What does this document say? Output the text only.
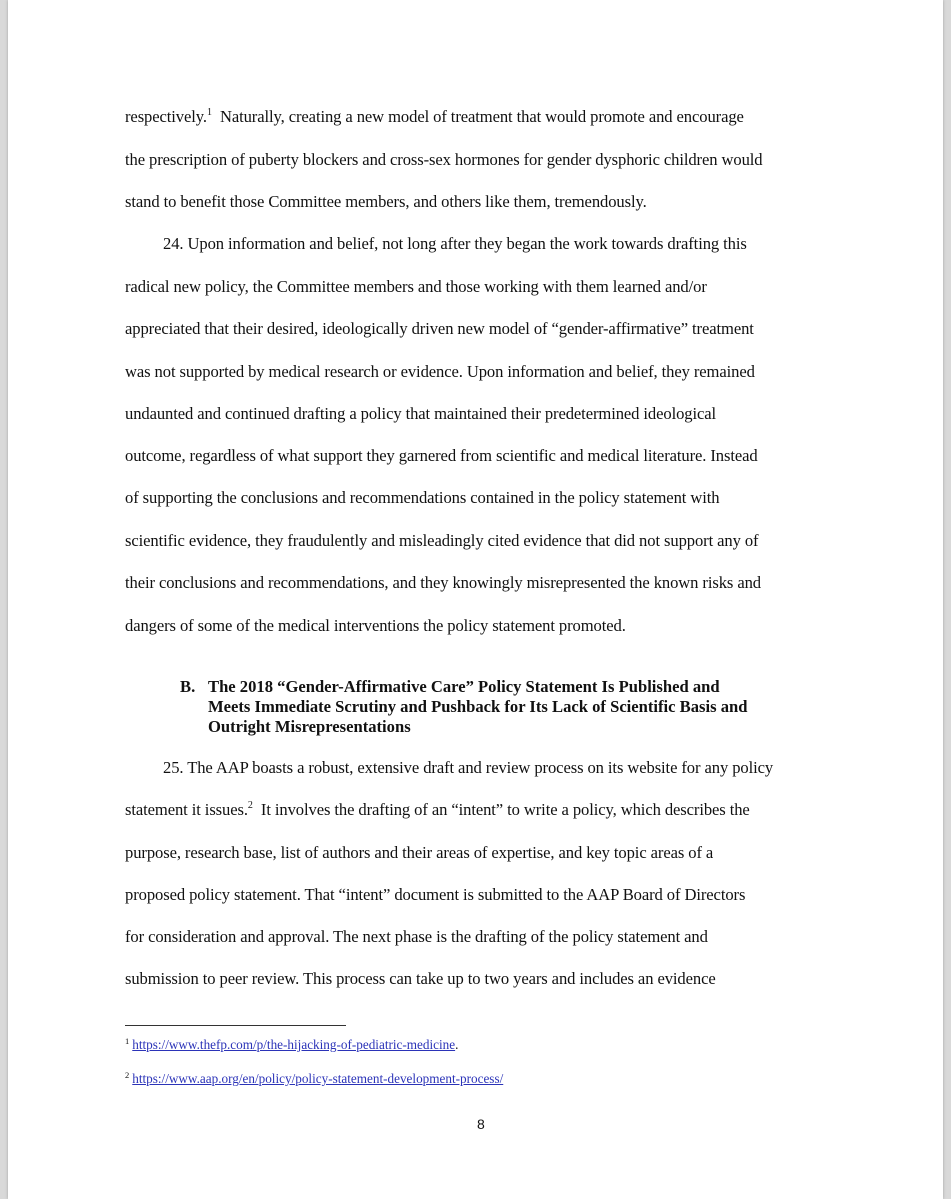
respectively.$^1$  Naturally, creating a new model of treatment that would promote and encourage
the prescription of puberty blockers and cross-sex hormones for gender dysphoric children would
stand to benefit those Committee members, and others like them, tremendously.
24. Upon information and belief, not long after they began the work towards drafting this
radical new policy, the Committee members and those working with them learned and/or
appreciated that their desired, ideologically driven new model of “gender-affirmative” treatment
was not supported by medical research or evidence. Upon information and belief, they remained
undaunted and continued drafting a policy that maintained their predetermined ideological
outcome, regardless of what support they garnered from scientific and medical literature. Instead
of supporting the conclusions and recommendations contained in the policy statement with
scientific evidence, they fraudulently and misleadingly cited evidence that did not support any of
their conclusions and recommendations, and they knowingly misrepresented the known risks and
dangers of some of the medical interventions the policy statement promoted.
B. The 2018 “Gender-Affirmative Care” Policy Statement Is Published and
Meets Immediate Scrutiny and Pushback for Its Lack of Scientific Basis and
Outright Misrepresentations
25. The AAP boasts a robust, extensive draft and review process on its website for any policy
statement it issues.$^2$  It involves the drafting of an “intent” to write a policy, which describes the
purpose, research base, list of authors and their areas of expertise, and key topic areas of a
proposed policy statement. That “intent” document is submitted to the AAP Board of Directors
for consideration and approval. The next phase is the drafting of the policy statement and
submission to peer review. This process can take up to two years and includes an evidence
$^1$ https://www.thefp.com/p/the-hijacking-of-pediatric-medicine.
$^2$ https://www.aap.org/en/policy/policy-statement-development-process/
8
